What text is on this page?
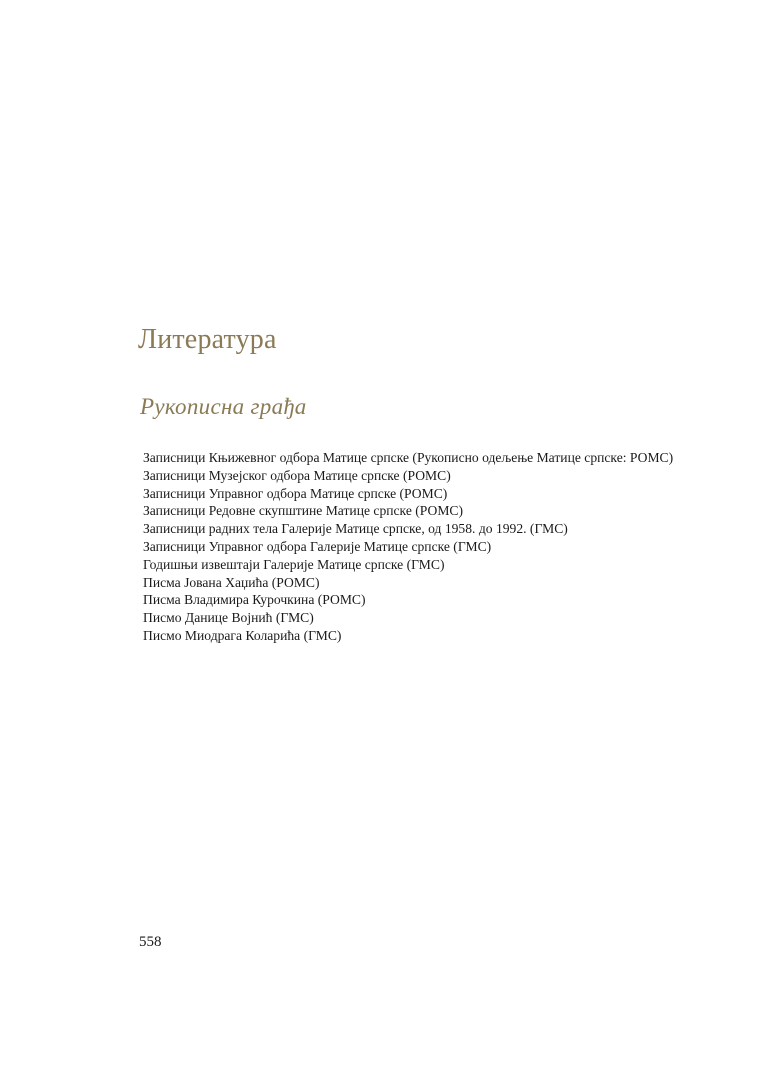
Литература
Рукописна грађа
Записници Књижевног одбора Матице српске (Рукописно одељење Матице српске: РОМС)
Записници Музејског одбора Матице српске (РОМС)
Записници Управног одбора Матице српске (РОМС)
Записници Редовне скупштине Матице српске (РОМС)
Записници радних тела Галерије Матице српске, од 1958. до 1992. (ГМС)
Записници Управног одбора Галерије Матице српске (ГМС)
Годишњи извештаји Галерије Матице српске (ГМС)
Писма Јована Хаџића (РОМС)
Писма Владимира Курочкина (РОМС)
Писмо Данице Војнић (ГМС)
Писмо Миодрага Коларића (ГМС)

558
